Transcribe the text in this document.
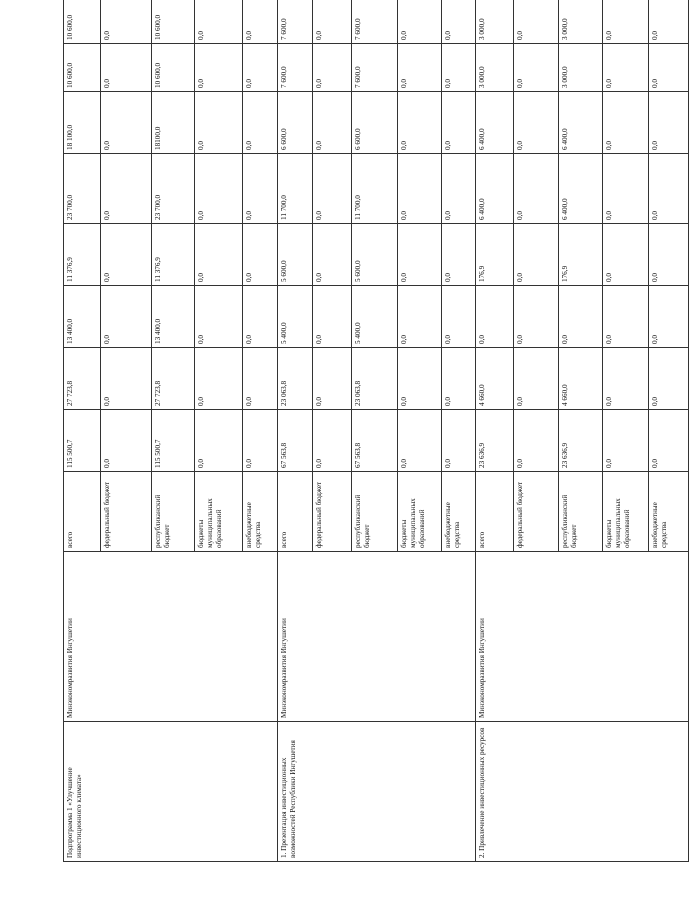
Подпрограмма 1 «Улучшение инвестиционного климата»	Минэкономразвития Ингушетии	всего	115 500,7	27 723,8	13 400,0	11 376,9	23 700,0	18 100,0	10 600,0	10 600,0
		федеральный бюджет	0,0	0,0	0,0	0,0	0,0	0,0	0,0	0,0
		республиканский бюджет	115 500,7	27 723,8	13 400,0	11 376,9	23 700,0	18100,0	10 600,0	10 600,0
		бюджеты муниципальных образований	0,0	0,0	0,0	0,0	0,0	0,0	0,0	0,0
		внебюджетные средства	0,0	0,0	0,0	0,0	0,0	0,0	0,0	0,0
1. Презентация инвестиционных возможностей Республики Ингушетия	Минэкономразвития Ингушетии	всего	67 563,8	23 063,8	5 400,0	5 600,0	11 700,0	6 600,0	7 600,0	7 600,0
		федеральный бюджет	0,0	0,0	0,0	0,0	0,0	0,0	0,0	0,0
		республиканский бюджет	67 563,8	23 063,8	5 400,0	5 600,0	11 700,0	6 600,0	7 600,0	7 600,0
		бюджеты муниципальных образований	0,0	0,0	0,0	0,0	0,0	0,0	0,0	0,0
		внебюджетные средства	0,0	0,0	0,0	0,0	0,0	0,0	0,0	0,0
2. Привлечение инвестиционных ресурсов	Минэкономразвития Ингушетии	всего	23 636,9	4 660,0	0,0	176,9	6 400,0	6 400,0	3 000,0	3 000,0
		федеральный бюджет	0,0	0,0	0,0	0,0	0,0	0,0	0,0	0,0
		республиканский бюджет	23 636,9	4 660,0	0,0	176,9	6 400,0	6 400,0	3 000,0	3 000,0
		бюджеты муниципальных образований	0,0	0,0	0,0	0,0	0,0	0,0	0,0	0,0
		внебюджетные средства	0,0	0,0	0,0	0,0	0,0	0,0	0,0	0,0
